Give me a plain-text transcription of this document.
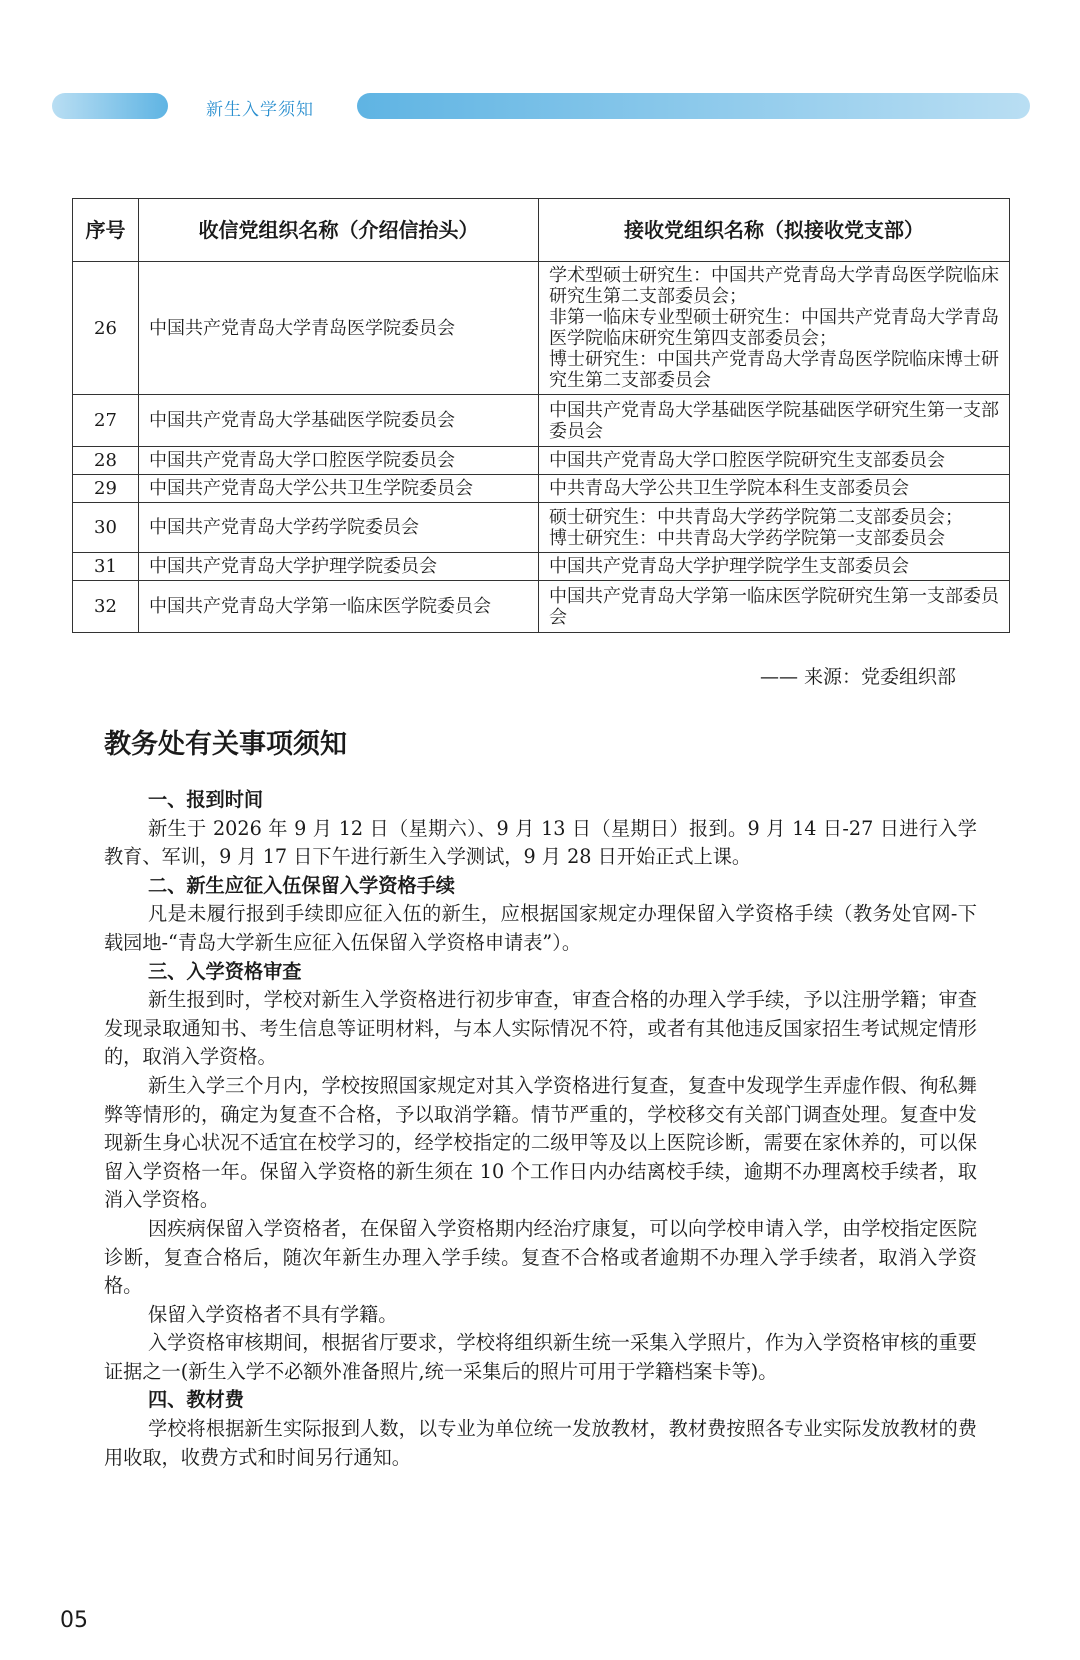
新生入学须知
序号	收信党组织名称（介绍信抬头）	接收党组织名称（拟接收党支部）
26	中国共产党青岛大学青岛医学院委员会	学术型硕士研究生：中国共产党青岛大学青岛医学院临床研究生第二支部委员会；
非第一临床专业型硕士研究生：中国共产党青岛大学青岛医学院临床研究生第四支部委员会；
博士研究生：中国共产党青岛大学青岛医学院临床博士研究生第二支部委员会

27	中国共产党青岛大学基础医学院委员会	中国共产党青岛大学基础医学院基础医学研究生第一支部委员会

28	中国共产党青岛大学口腔医学院委员会	中国共产党青岛大学口腔医学院研究生支部委员会

29	中国共产党青岛大学公共卫生学院委员会	中共青岛大学公共卫生学院本科生支部委员会

30	中国共产党青岛大学药学院委员会	硕士研究生：中共青岛大学药学院第二支部委员会；
博士研究生：中共青岛大学药学院第一支部委员会

31	中国共产党青岛大学护理学院委员会	中国共产党青岛大学护理学院学生支部委员会

32	中国共产党青岛大学第一临床医学院委员会	中国共产党青岛大学第一临床医学院研究生第一支部委员会
—— 来源：党委组织部
教务处有关事项须知

一、报到时间

新生于 2026 年 9 月 12 日（星期六）、9 月 13 日（星期日）报到。9 月 14 日-27 日进行入学教育、军训，9 月 17 日下午进行新生入学测试，9 月 28 日开始正式上课。

二、新生应征入伍保留入学资格手续

凡是未履行报到手续即应征入伍的新生，应根据国家规定办理保留入学资格手续（教务处官网-下载园地-“青岛大学新生应征入伍保留入学资格申请表”）。

三、入学资格审查

新生报到时，学校对新生入学资格进行初步审查，审查合格的办理入学手续，予以注册学籍；审查发现录取通知书、考生信息等证明材料，与本人实际情况不符，或者有其他违反国家招生考试规定情形的，取消入学资格。

新生入学三个月内，学校按照国家规定对其入学资格进行复查，复查中发现学生弄虚作假、徇私舞弊等情形的，确定为复查不合格，予以取消学籍。情节严重的，学校移交有关部门调查处理。复查中发现新生身心状况不适宜在校学习的，经学校指定的二级甲等及以上医院诊断，需要在家休养的，可以保留入学资格一年。保留入学资格的新生须在 10 个工作日内办结离校手续，逾期不办理离校手续者，取消入学资格。

因疾病保留入学资格者，在保留入学资格期内经治疗康复，可以向学校申请入学，由学校指定医院诊断，复查合格后，随次年新生办理入学手续。复查不合格或者逾期不办理入学手续者，取消入学资格。

保留入学资格者不具有学籍。

入学资格审核期间，根据省厅要求，学校将组织新生统一采集入学照片，作为入学资格审核的重要证据之一(新生入学不必额外准备照片,统一采集后的照片可用于学籍档案卡等)。

四、教材费

学校将根据新生实际报到人数，以专业为单位统一发放教材，教材费按照各专业实际发放教材的费用收取，收费方式和时间另行通知。

05
